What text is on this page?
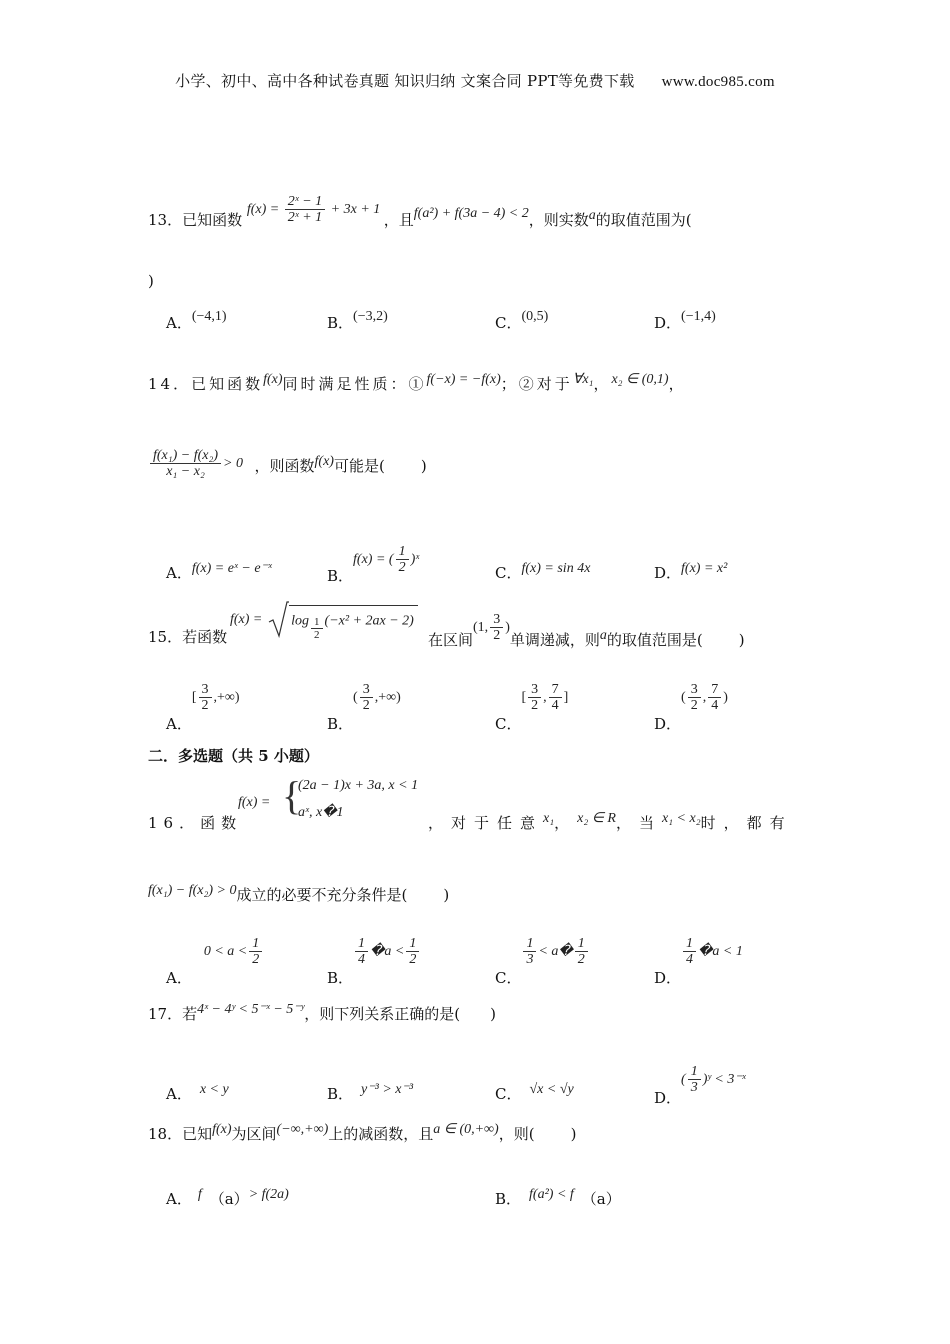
小学、初中、高中各种试卷真题 知识归纳 文案合同 PPT等免费下载 www.doc985.com
13．已知函数 $f(x) = \frac{\text{2ˣ − 1}}{\text{2ˣ + 1}} + 3x + 1$ ，且f(a²) + f(3a − 4) < 2，则实数a的取值范围为(
)
A．(−4,1)	B．(−3,2)	C．(0,5)	D．(−1,4)
14．已知函数f(x)同时满足性质：①f(−x) = −f(x)；②对于∀x₁，x₂ ∈ (0,1)，
$\frac{\text{f(x₁) − f(x₂)}}{\text{x₁ − x₂}} > 0$ ，则函数f(x)可能是( )
A．f(x) = eˣ − e⁻ˣ	B．f(x) = ( $\frac{1}{2}$ )ˣ
C．f(x) = sin 4x	D．f(x) = x²
15．若函数
$f(x) = \log \frac{1}{2} (-x^2 + 2ax - 2)$
在区间(1, $\frac{3}{2}$ )单调递减，则a的取值范围是( )
A．[ $\frac{3}{2}$ ,+∞)
B．( $\frac{3}{2}$ ,+∞)
C．[ $\frac{3}{2}$ , $\frac{7}{4}$ ]
D．( $\frac{3}{2}$ , $\frac{7}{4}$ )
二．多选题（共 5 小题）
16．函数
f(x) = {
(2a − 1)x + 3a, x < 1
aˣ, x�1
，对于任意x₁，x₂ ∈ R，当x₁ < x₂时，都有
f(x₁) − f(x₂) > 0成立的必要不充分条件是( )
A．$0 < a < \frac{1}{2}$
B．
$\frac{1}{4}$ �a < $\frac{1}{2}$
C．
$\frac{1}{3}$ < a� $\frac{1}{2}$
D．
$\frac{1}{4}$ �a < 1
17．若4ˣ − 4ʸ < 5⁻ˣ − 5⁻ʸ，则下列关系正确的是( )
A． x < y	B． y⁻³ > x⁻³	C． √x < √y	D．( $\frac{1}{3}$ )ʸ < 3⁻ˣ
18．已知f(x)为区间(−∞,+∞)上的减函数，且a ∈ (0,+∞)，则( )
A． f （a）> f(2a)	B． f(a²) < f （a）
